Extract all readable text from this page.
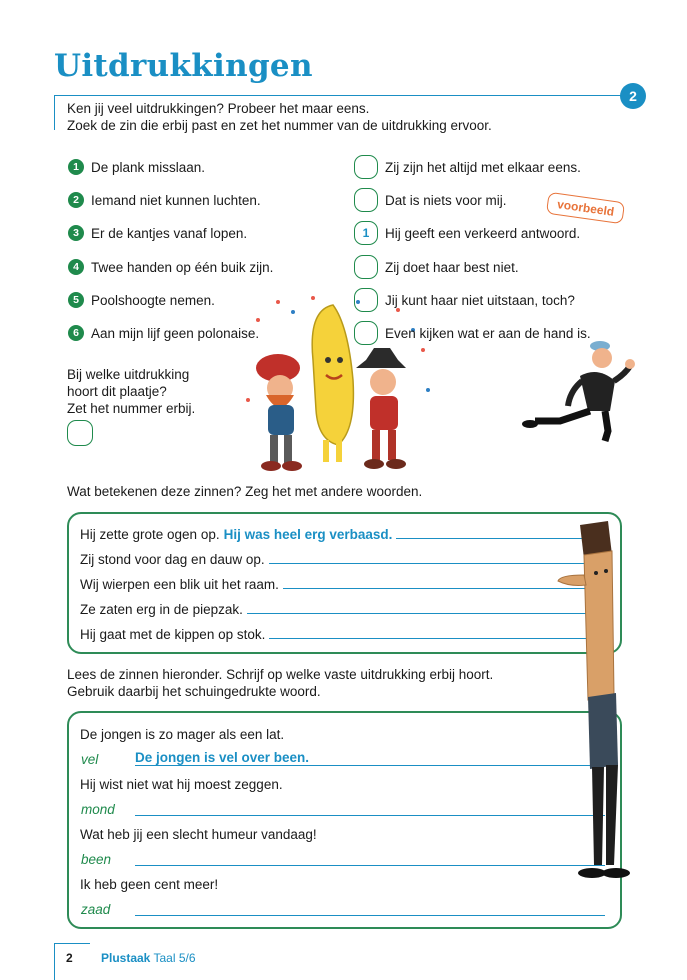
Uitdrukkingen
2
Ken jij veel uitdrukkingen? Probeer het maar eens.
Zoek de zin die erbij past en zet het nummer van de uitdrukking ervoor.
1 De plank misslaan.
2 Iemand niet kunnen luchten.
3 Er de kantjes vanaf lopen.
4 Twee handen op één buik zijn.
5 Poolshoogte nemen.
6 Aan mijn lijf geen polonaise.
Zij zijn het altijd met elkaar eens.
Dat is niets voor mij.
1	Hij geeft een verkeerd antwoord.
Zij doet haar best niet.
Jij kunt haar niet uitstaan, toch?
Even kijken wat er aan de hand is.
voorbeeld
Bij welke uitdrukking
hoort dit plaatje?
Zet het nummer erbij.
Wat betekenen deze zinnen? Zeg het met andere woorden.
Hij zette grote ogen op. Hij was heel erg verbaasd.
Zij stond voor dag en dauw op.
Wij wierpen een blik uit het raam.
Ze zaten erg in de piepzak.
Hij gaat met de kippen op stok.
Lees de zinnen hieronder. Schrijf op welke vaste uitdrukking erbij hoort.
Gebruik daarbij het schuingedrukte woord.
De jongen is zo mager als een lat.
vel	De jongen is vel over been.
Hij wist niet wat hij moest zeggen.
mond
Wat heb jij een slecht humeur vandaag!
been
Ik heb geen cent meer!
zaad
2 Plustaak Taal 5/6
